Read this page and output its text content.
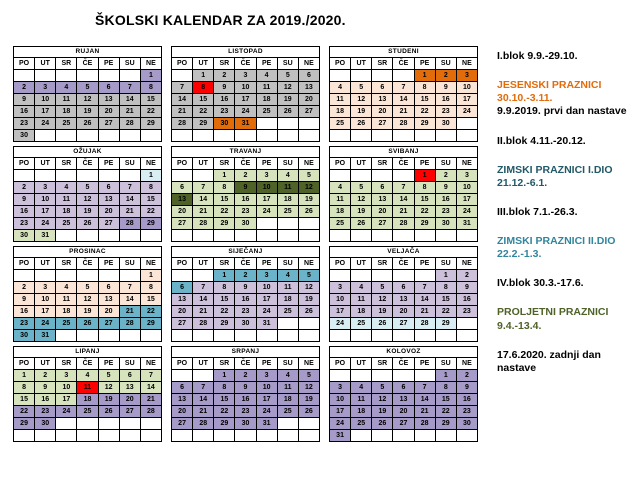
ŠKOLSKI KALENDAR ZA 2019./2020.
RUJAN						
PO	UT	SR	ČE	PE	SU	NE
						1
2	3	4	5	6	7	8
9	10	11	12	13	14	15
16	17	18	19	20	21	22
23	24	25	26	27	28	29
30						
LISTOPAD						
PO	UT	SR	ČE	PE	SU	NE
	1	2	3	4	5	6
7	8	9	10	11	12	13
14	15	16	17	18	19	20
21	22	23	24	25	26	27
28	29	30	31			

STUDENI						
PO	UT	SR	ČE	PE	SU	NE
				1	2	3
4	5	6	7	8	9	10
11	12	13	14	15	16	17
18	19	20	21	22	23	24
25	26	27	28	29	30	

OŽUJAK						
PO	UT	SR	ČE	PE	SU	NE
						1
2	3	4	5	6	7	8
9	10	11	12	13	14	15
16	17	18	19	20	21	22
23	24	25	26	27	28	29
30	31					
TRAVANJ						
PO	UT	SR	ČE	PE	SU	NE
		1	2	3	4	5
6	7	8	9	10	11	12
13	14	15	16	17	18	19
20	21	22	23	24	25	26
27	28	29	30			

SVIBANJ						
PO	UT	SR	ČE	PE	SU	NE
				1	2	3
4	5	6	7	8	9	10
11	12	13	14	15	16	17
18	19	20	21	22	23	24
25	26	27	28	29	30	31

PROSINAC						
PO	UT	SR	ČE	PE	SU	NE
						1
2	3	4	5	6	7	8
9	10	11	12	13	14	15
16	17	18	19	20	21	22
23	24	25	26	27	28	29
30	31					
SIJEČANJ						
PO	UT	SR	ČE	PE	SU	NE
		1	2	3	4	5
6	7	8	9	10	11	12
13	14	15	16	17	18	19
20	21	22	23	24	25	26
27	28	29	30	31		

VELJAČA						
PO	UT	SR	ČE	PE	SU	NE
					1	2
3	4	5	6	7	8	9
10	11	12	13	14	15	16
17	18	19	20	21	22	23
24	25	26	27	28	29	

LIPANJ						
PO	UT	SR	ČE	PE	SU	NE
1	2	3	4	5	6	7
8	9	10	11	12	13	14
15	16	17	18	19	20	21
22	23	24	25	26	27	28
29	30					

SRPANJ						
PO	UT	SR	ČE	PE	SU	NE
		1	2	3	4	5
6	7	8	9	10	11	12
13	14	15	16	17	18	19
20	21	22	23	24	25	26
27	28	29	30	31		

KOLOVOZ						
PO	UT	SR	ČE	PE	SU	NE
					1	2
3	4	5	6	7	8	9
10	11	12	13	14	15	16
17	18	19	20	21	22	23
24	25	26	27	28	29	30
31						
I.blok 9.9.-29.10.
JESENSKI PRAZNICI 30.10.-3.11.
9.9.2019. prvi dan nastave
II.blok 4.11.-20.12.
ZIMSKI PRAZNICI I.DIO 21.12.-6.1.
III.blok 7.1.-26.3.
ZIMSKI PRAZNICI II.DIO 22.2.-1.3.
IV.blok 30.3.-17.6.
PROLJETNI PRAZNICI 9.4.-13.4.
17.6.2020. zadnji dan nastave
